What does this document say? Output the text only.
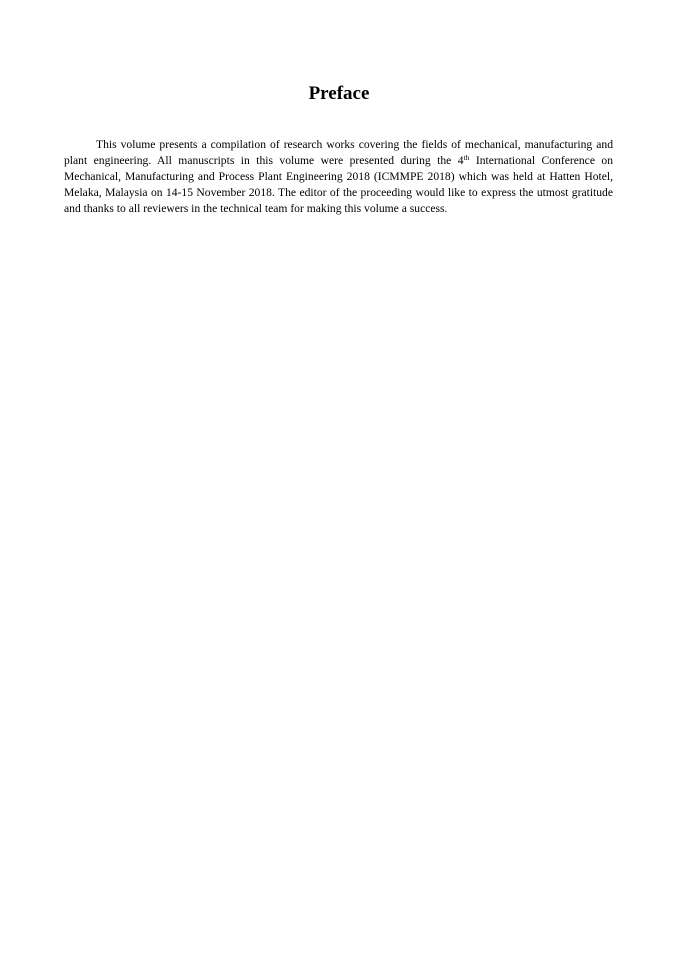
Preface

This volume presents a compilation of research works covering the fields of mechanical, manufacturing and plant engineering. All manuscripts in this volume were presented during the 4th International Conference on Mechanical, Manufacturing and Process Plant Engineering 2018 (ICMMPE 2018) which was held at Hatten Hotel, Melaka, Malaysia on 14-15 November 2018. The editor of the proceeding would like to express the utmost gratitude and thanks to all reviewers in the technical team for making this volume a success.
